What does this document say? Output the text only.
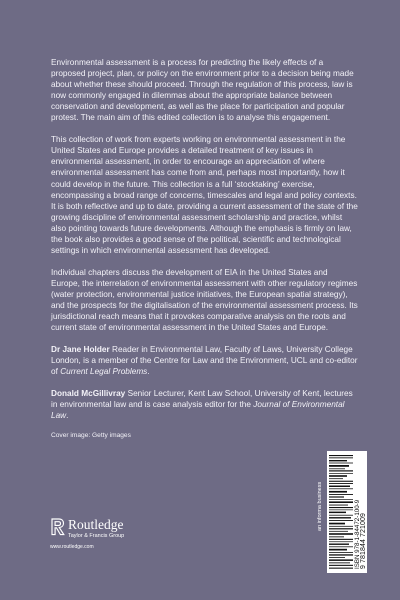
Environmental assessment is a process for predicting the likely effects of a proposed project, plan, or policy on the environment prior to a decision being made about whether these should proceed. Through the regulation of this process, law is now commonly engaged in dilemmas about the appropriate balance between conservation and development, as well as the place for participation and popular protest. The main aim of this edited collection is to analyse this engagement.

This collection of work from experts working on environmental assessment in the United States and Europe provides a detailed treatment of key issues in environmental assessment, in order to encourage an appreciation of where environmental assessment has come from and, perhaps most importantly, how it could develop in the future. This collection is a full ‘stocktaking’ exercise, encompassing a broad range of concerns, timescales and legal and policy contexts. It is both reflective and up to date, providing a current assessment of the state of the growing discipline of environmental assessment scholarship and practice, whilst also pointing towards future developments. Although the emphasis is firmly on law, the book also provides a good sense of the political, scientific and technological settings in which environmental assessment has developed.

Individual chapters discuss the development of EIA in the United States and Europe, the interrelation of environmental assessment with other regulatory regimes (water protection, environmental justice initiatives, the European spatial strategy), and the prospects for the digitalisation of the environmental assessment process. Its jurisdictional reach means that it provokes comparative analysis on the roots and current state of environmental assessment in the United States and Europe.

Dr Jane Holder Reader in Environmental Law, Faculty of Laws, University College London, is a member of the Centre for Law and the Environment, UCL and co-editor of Current Legal Problems.

Donald McGillivray Senior Lecturer, Kent Law School, University of Kent, lectures in environmental law and is case analysis editor for the Journal of Environmental Law.

Cover image: Getty images

Routledge
Taylor & Francis Group
www.routledge.com
an informa business	ISBN 978-1-84472-100-9 9 781844 721009
